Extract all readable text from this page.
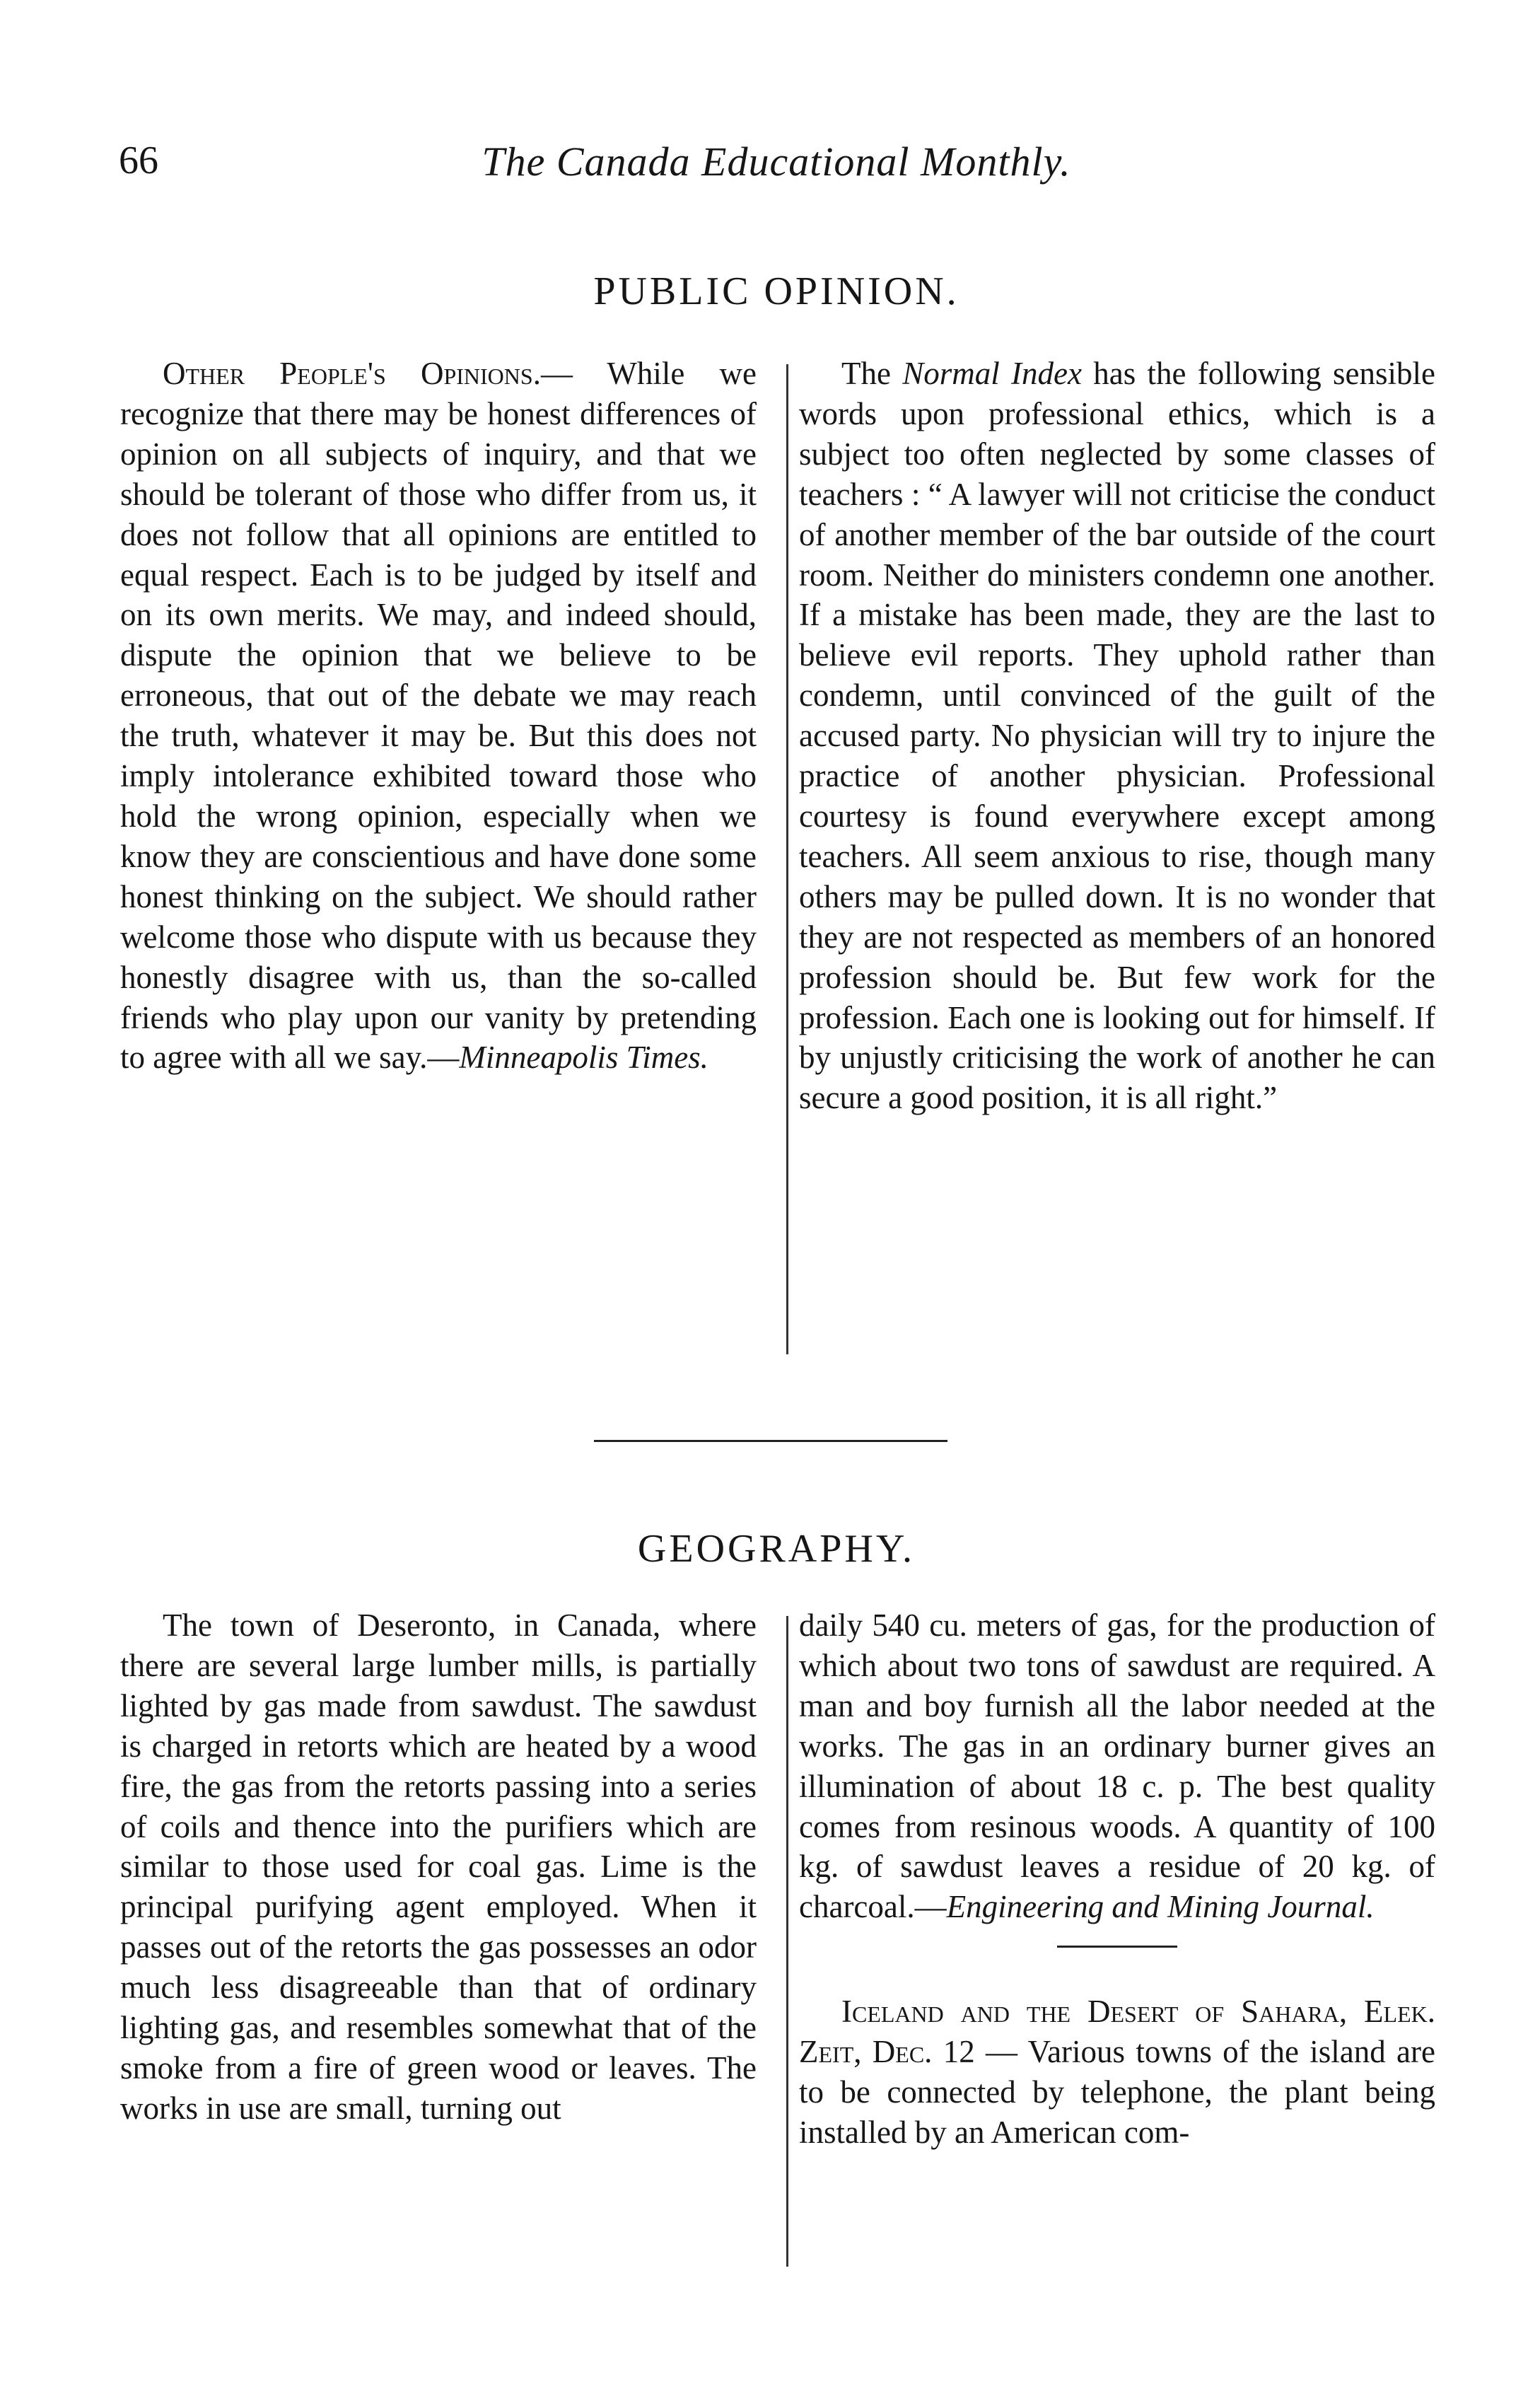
66	The Canada Educational Monthly.
PUBLIC OPINION.

Other People's Opinions.— While we recognize that there may be honest differences of opinion on all subjects of inquiry, and that we should be tolerant of those who differ from us, it does not follow that all opinions are entitled to equal respect. Each is to be judged by itself and on its own merits. We may, and indeed should, dispute the opinion that we believe to be erroneous, that out of the debate we may reach the truth, whatever it may be. But this does not imply intolerance exhibited toward those who hold the wrong opinion, especially when we know they are conscientious and have done some honest thinking on the subject. We should rather welcome those who dispute with us because they honestly disagree with us, than the so-called friends who play upon our vanity by pretending to agree with all we say.—Minneapolis Times.

The Normal Index has the following sensible words upon professional ethics, which is a subject too often neglected by some classes of teachers : “ A lawyer will not criticise the conduct of another member of the bar outside of the court room. Neither do ministers condemn one another. If a mistake has been made, they are the last to believe evil reports. They uphold rather than condemn, until convinced of the guilt of the accused party. No physician will try to injure the practice of another physician. Professional courtesy is found everywhere except among teachers. All seem anxious to rise, though many others may be pulled down. It is no wonder that they are not respected as members of an honored profession should be. But few work for the profession. Each one is looking out for himself. If by unjustly criticising the work of another he can secure a good position, it is all right.”

GEOGRAPHY.

The town of Deseronto, in Canada, where there are several large lumber mills, is partially lighted by gas made from sawdust. The sawdust is charged in retorts which are heated by a wood fire, the gas from the retorts passing into a series of coils and thence into the purifiers which are similar to those used for coal gas. Lime is the principal purifying agent employed. When it passes out of the retorts the gas possesses an odor much less disagreeable than that of ordinary lighting gas, and resembles somewhat that of the smoke from a fire of green wood or leaves. The works in use are small, turning out

daily 540 cu. meters of gas, for the production of which about two tons of sawdust are required. A man and boy furnish all the labor needed at the works. The gas in an ordinary burner gives an illumination of about 18 c. p. The best quality comes from resinous woods. A quantity of 100 kg. of sawdust leaves a residue of 20 kg. of charcoal.—Engineering and Mining Journal.

Iceland and the Desert of Sahara, Elek. Zeit, Dec. 12 — Various towns of the island are to be connected by telephone, the plant being installed by an American com-
